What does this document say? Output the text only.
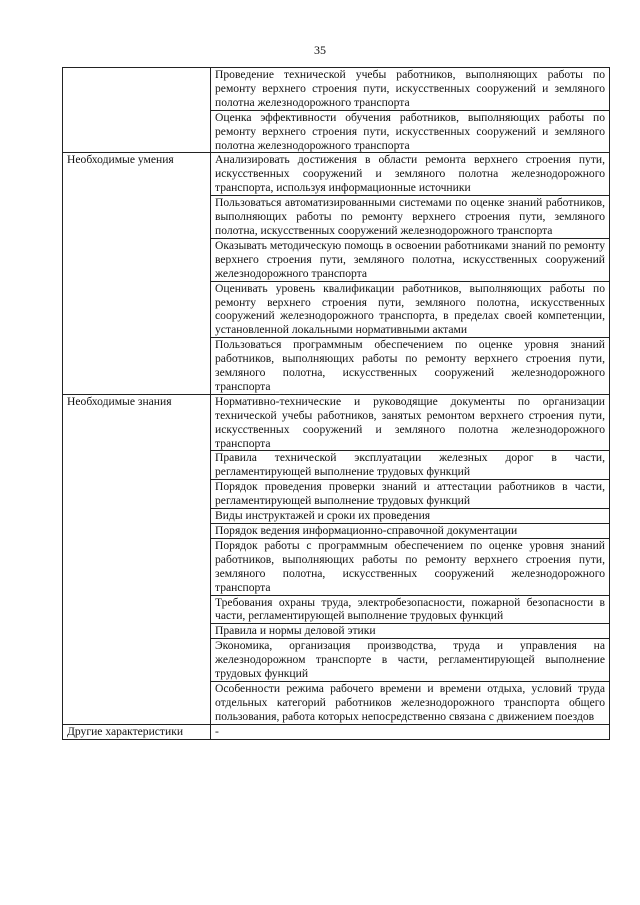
35
	Проведение технической учебы работников, выполняющих работы по ремонту верхнего строения пути, искусственных сооружений и земляного полотна железнодорожного транспорта
	Оценка эффективности обучения работников, выполняющих работы по ремонту верхнего строения пути, искусственных сооружений и земляного полотна железнодорожного транспорта
Необходимые умения	Анализировать достижения в области ремонта верхнего строения пути, искусственных сооружений и земляного полотна железнодорожного транспорта, используя информационные источники
	Пользоваться автоматизированными системами по оценке знаний работников, выполняющих работы по ремонту верхнего строения пути, земляного полотна, искусственных сооружений железнодорожного транспорта
	Оказывать методическую помощь в освоении работниками знаний по ремонту верхнего строения пути, земляного полотна, искусственных сооружений железнодорожного транспорта
	Оценивать уровень квалификации работников, выполняющих работы по ремонту верхнего строения пути, земляного полотна, искусственных сооружений железнодорожного транспорта, в пределах своей компетенции, установленной локальными нормативными актами
	Пользоваться программным обеспечением по оценке уровня знаний работников, выполняющих работы по ремонту верхнего строения пути, земляного полотна, искусственных сооружений железнодорожного транспорта
Необходимые знания	Нормативно-технические и руководящие документы по организации технической учебы работников, занятых ремонтом верхнего строения пути, искусственных сооружений и земляного полотна железнодорожного транспорта
	Правила технической эксплуатации железных дорог в части, регламентирующей выполнение трудовых функций
	Порядок проведения проверки знаний и аттестации работников в части, регламентирующей выполнение трудовых функций
	Виды инструктажей и сроки их проведения
	Порядок ведения информационно-справочной документации
	Порядок работы с программным обеспечением по оценке уровня знаний работников, выполняющих работы по ремонту верхнего строения пути, земляного полотна, искусственных сооружений железнодорожного транспорта
	Требования охраны труда, электробезопасности, пожарной безопасности в части, регламентирующей выполнение трудовых функций
	Правила и нормы деловой этики
	Экономика, организация производства, труда и управления на железнодорожном транспорте в части, регламентирующей выполнение трудовых функций
	Особенности режима рабочего времени и времени отдыха, условий труда отдельных категорий работников железнодорожного транспорта общего пользования, работа которых непосредственно связана с движением поездов
Другие характеристики	-
